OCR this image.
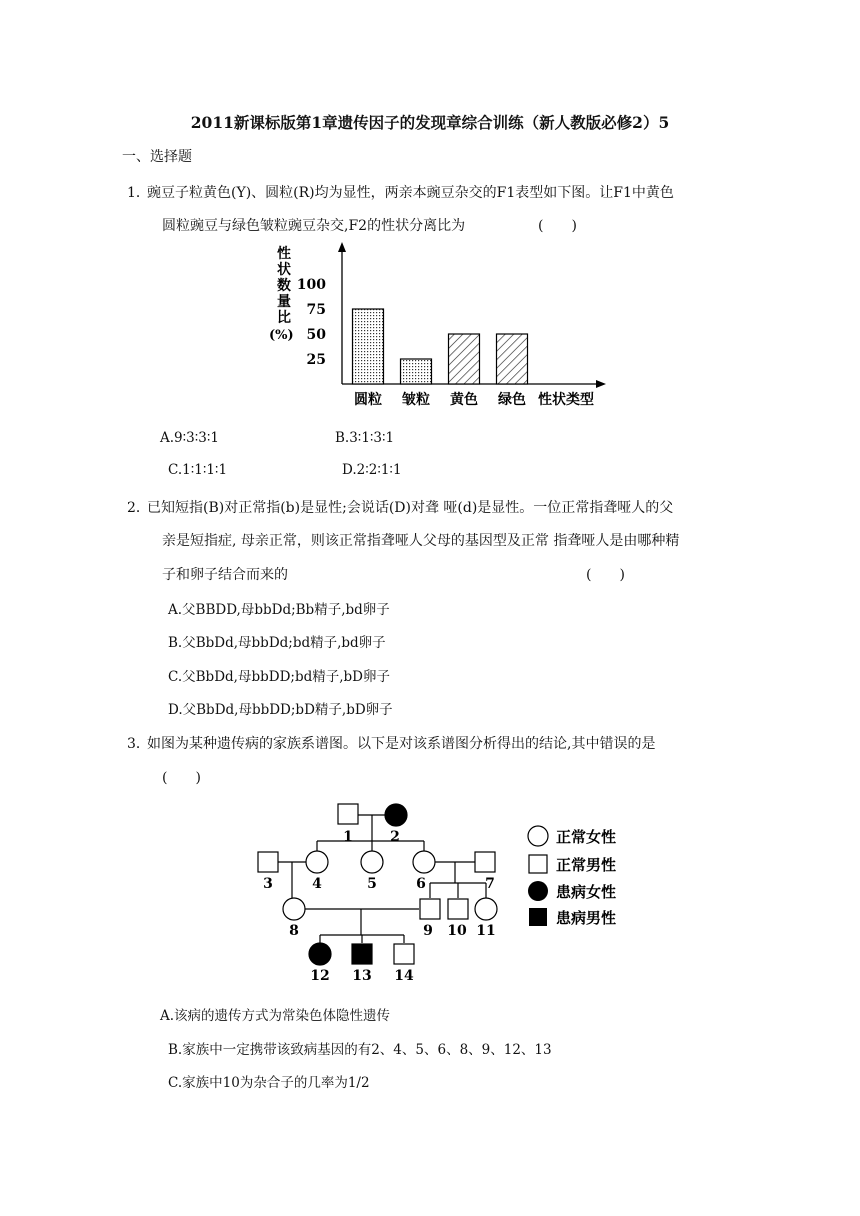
2011新课标版第1章遗传因子的发现章综合训练（新人教版必修2）5
一、选择题
1．
豌豆子粒黄色(Y)、圆粒(R)均为显性，两亲本豌豆杂交的F1表型如下图。让F1中黄色
圆粒豌豆与绿色皱粒豌豆杂交,F2的性状分离比为	(　　)
性
状
数
量
比
(%)
100
75
50
25
圆粒 皱粒 黄色 绿色 性状类型
A.9∶3∶3∶1	B.3∶1∶3∶1
C.1∶1∶1∶1	D.2∶2∶1∶1
2．
已知短指(B)对正常指(b)是显性;会说话(D)对聋 哑(d)是显性。一位正常指聋哑人的父
亲是短指症, 母亲正常，则该正常指聋哑人父母的基因型及正常 指聋哑人是由哪种精
子和卵子结合而来的	(　　)
A.父BBDD,母bbDd;Bb精子,bd卵子
B.父BbDd,母bbDd;bd精子,bd卵子
C.父BbDd,母bbDD;bd精子,bD卵子
D.父BbDd,母bbDD;bD精子,bD卵子
3．
如图为某种遗传病的家族系谱图。以下是对该系谱图分析得出的结论,其中错误的是
(　　)
1	2
3	4	5	6	7
8	9 10 11
12 13 14
正常女性
正常男性
患病女性
患病男性
A.该病的遗传方式为常染色体隐性遗传
B.家族中一定携带该致病基因的有2、4、5、6、8、9、12、13
C.家族中10为杂合子的几率为1/2
